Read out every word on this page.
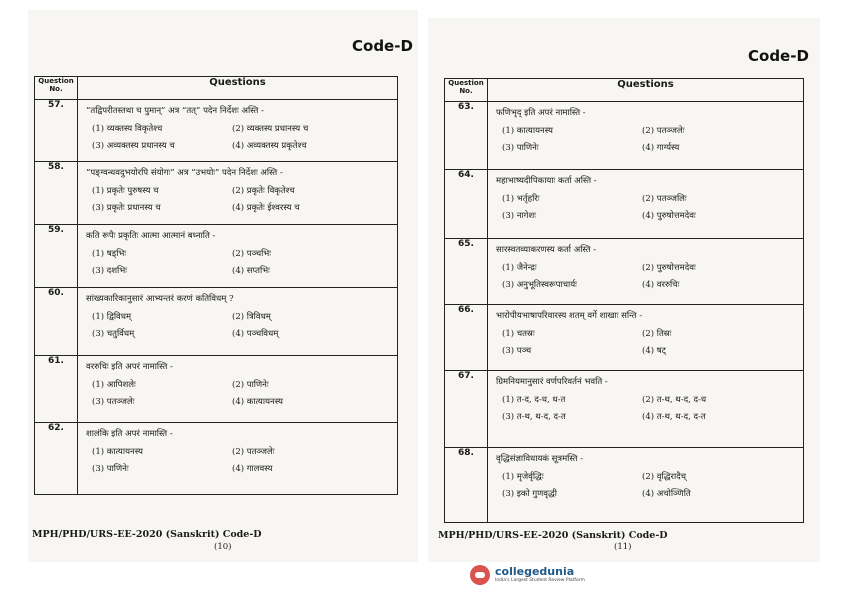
Code-D
Question No.	Questions
57.	“तद्विपरीतस्तथा च पुमान्” अत्र “तत्” पदेन निर्देशः अस्ति -
(1) व्यक्तस्य विकृतेश्च (2) व्यक्तस्य प्रधानस्य च
(3) अव्यक्तस्य प्रधानस्य च (4) अव्यक्तस्य प्रकृतेश्च

58.	“पङ्ग्वन्धवदुभयोरपि संयोगः” अत्र “उभयोः” पदेन निर्देशः अस्ति -
(1) प्रकृतेः पुरुषस्य च (2) प्रकृतेः विकृतेश्च
(3) प्रकृतेः प्रधानस्य च (4) प्रकृतेः ईश्वरस्य च

59.	कति रूपैः प्रकृतिः आत्मा आत्मानं बध्नाति -
(1) षड्भिः (2) पञ्चभिः
(3) दशभिः (4) सप्तभिः

60.	सांख्यकारिकानुसारं आभ्यन्तरं करणं कतिविधम् ?
(1) द्विविधम् (2) त्रिविधम्
(3) चतुर्विधम् (4) पञ्चविधम्

61.	वररुचिः इति अपरं नामास्ति -
(1) आपिशलेः (2) पाणिनेः
(3) पतञ्जलेः (4) कात्यायनस्य

62.	शालंकि इति अपरं नामास्ति -
(1) कात्यायनस्य (2) पतञ्जलेः
(3) पाणिनेः (4) गालवस्य
MPH/PHD/URS-EE-2020 (Sanskrit) Code-D
(10)
Code-D
Question No.	Questions
63.	फणिभृद् इति अपरं नामास्ति -
(1) कात्यायनस्य (2) पतञ्जलेः
(3) पाणिनेः (4) गार्ग्यस्य

64.	महाभाष्यदीपिकायाः कर्ता अस्ति -
(1) भर्तृहरिः (2) पतञ्जलिः
(3) नागेशः (4) पुरुषोत्तमदेवः

65.	सारस्वतव्याकरणस्य कर्ता अस्ति -
(1) जैनेन्द्रः (2) पुरुषोत्तमदेवः
(3) अनुभूतिस्वरूपाचार्यः (4) वररुचिः

66.	भारोपीयभाषापरिवारस्य शतम् वर्गे शाखाः सन्ति -
(1) चतस्रः (2) तिस्रः
(3) पञ्च (4) षट्

67.	ग्रिमनियमानुसारं वर्णपरिवर्तनं भवति -
(1) त-द, द-ध, ध-त (2) त-थ, थ-द, द-ध
(3) त-थ, थ-द, द-त (4) त-थ, थ-द, द-त

68.	वृद्धिसंज्ञाविधायकं सूत्रमस्ति -
(1) मृजेर्वृद्धिः (2) वृद्धिरादैच्
(3) इको गुणवृद्धी (4) अचोञ्णिति
MPH/PHD/URS-EE-2020 (Sanskrit) Code-D
(11)
collegedunia
India's Largest Student Review Platform
